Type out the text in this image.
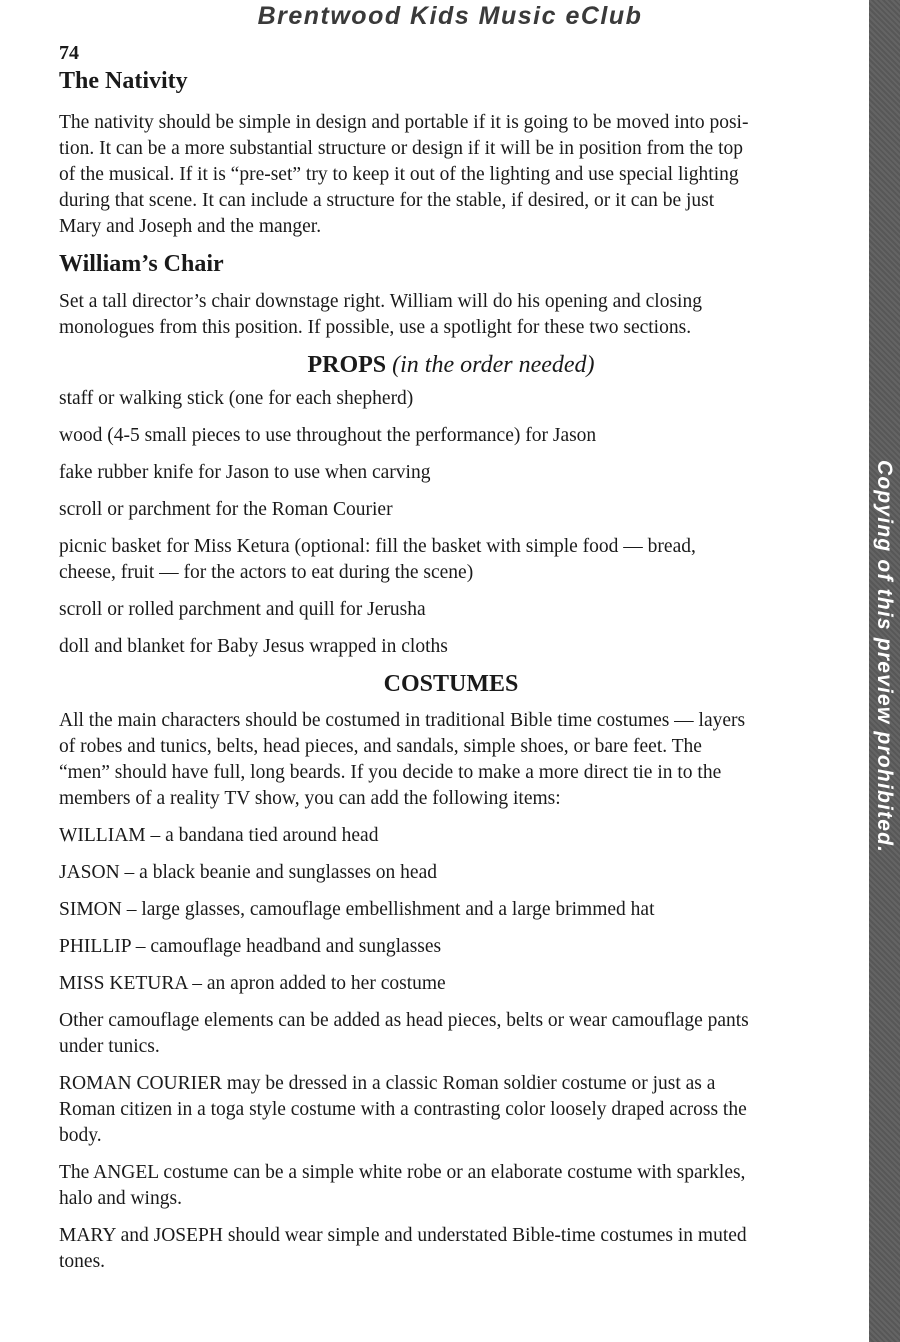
Brentwood Kids Music eClub
Copying of this preview prohibited.
74
The Nativity

The nativity should be simple in design and portable if it is going to be moved into posi-

tion. It can be a more substantial structure or design if it will be in position from the top

of the musical. If it is “pre-set” try to keep it out of the lighting and use special lighting

during that scene. It can include a structure for the stable, if desired, or it can be just

Mary and Joseph and the manger.

William’s Chair

Set a tall director’s chair downstage right. William will do his opening and closing

monologues from this position. If possible, use a spotlight for these two sections.

PROPS (in the order needed)

staff or walking stick (one for each shepherd)

wood (4-5 small pieces to use throughout the performance) for Jason

fake rubber knife for Jason to use when carving

scroll or parchment for the Roman Courier

picnic basket for Miss Ketura (optional: fill the basket with simple food — bread,

cheese, fruit — for the actors to eat during the scene)

scroll or rolled parchment and quill for Jerusha

doll and blanket for Baby Jesus wrapped in cloths

COSTUMES

All the main characters should be costumed in traditional Bible time costumes — layers

of robes and tunics, belts, head pieces, and sandals, simple shoes, or bare feet. The

“men” should have full, long beards. If you decide to make a more direct tie in to the

members of a reality TV show, you can add the following items:

WILLIAM – a bandana tied around head

JASON – a black beanie and sunglasses on head

SIMON – large glasses, camouflage embellishment and a large brimmed hat

PHILLIP – camouflage headband and sunglasses

MISS KETURA – an apron added to her costume

Other camouflage elements can be added as head pieces, belts or wear camouflage pants

under tunics.

ROMAN COURIER may be dressed in a classic Roman soldier costume or just as a

Roman citizen in a toga style costume with a contrasting color loosely draped across the

body.

The ANGEL costume can be a simple white robe or an elaborate costume with sparkles,

halo and wings.

MARY and JOSEPH should wear simple and understated Bible-time costumes in muted

tones.
